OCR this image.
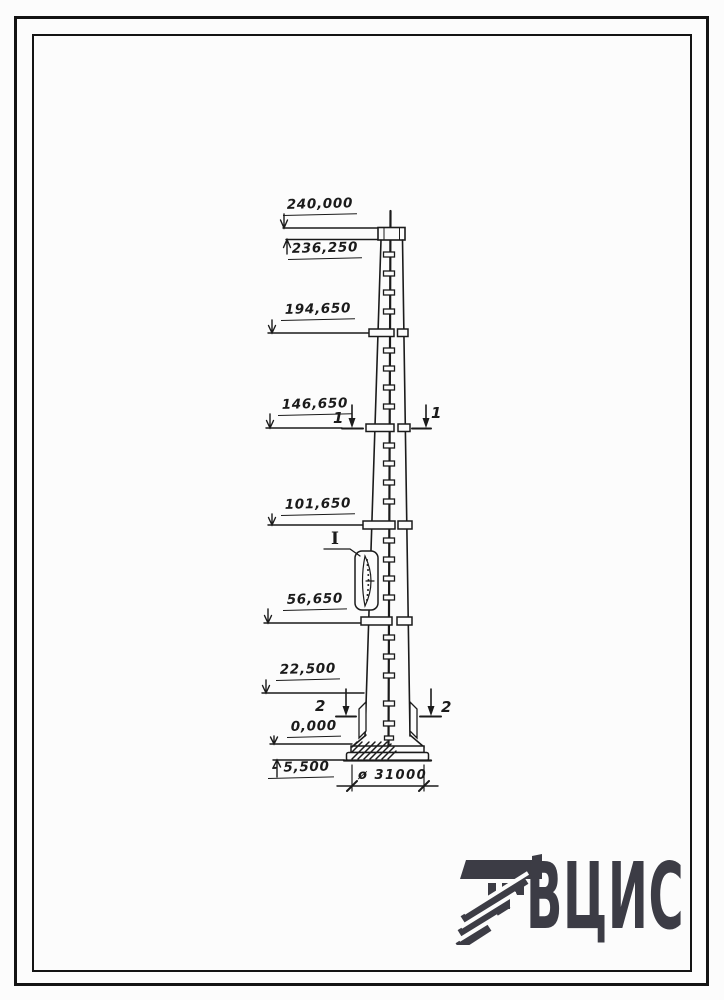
240,000
236,250
194,650
146,650
101,650
56,650
22,500
0,000
- 5,500
1	1
2	2
I
ø 31000
ВЦИС
